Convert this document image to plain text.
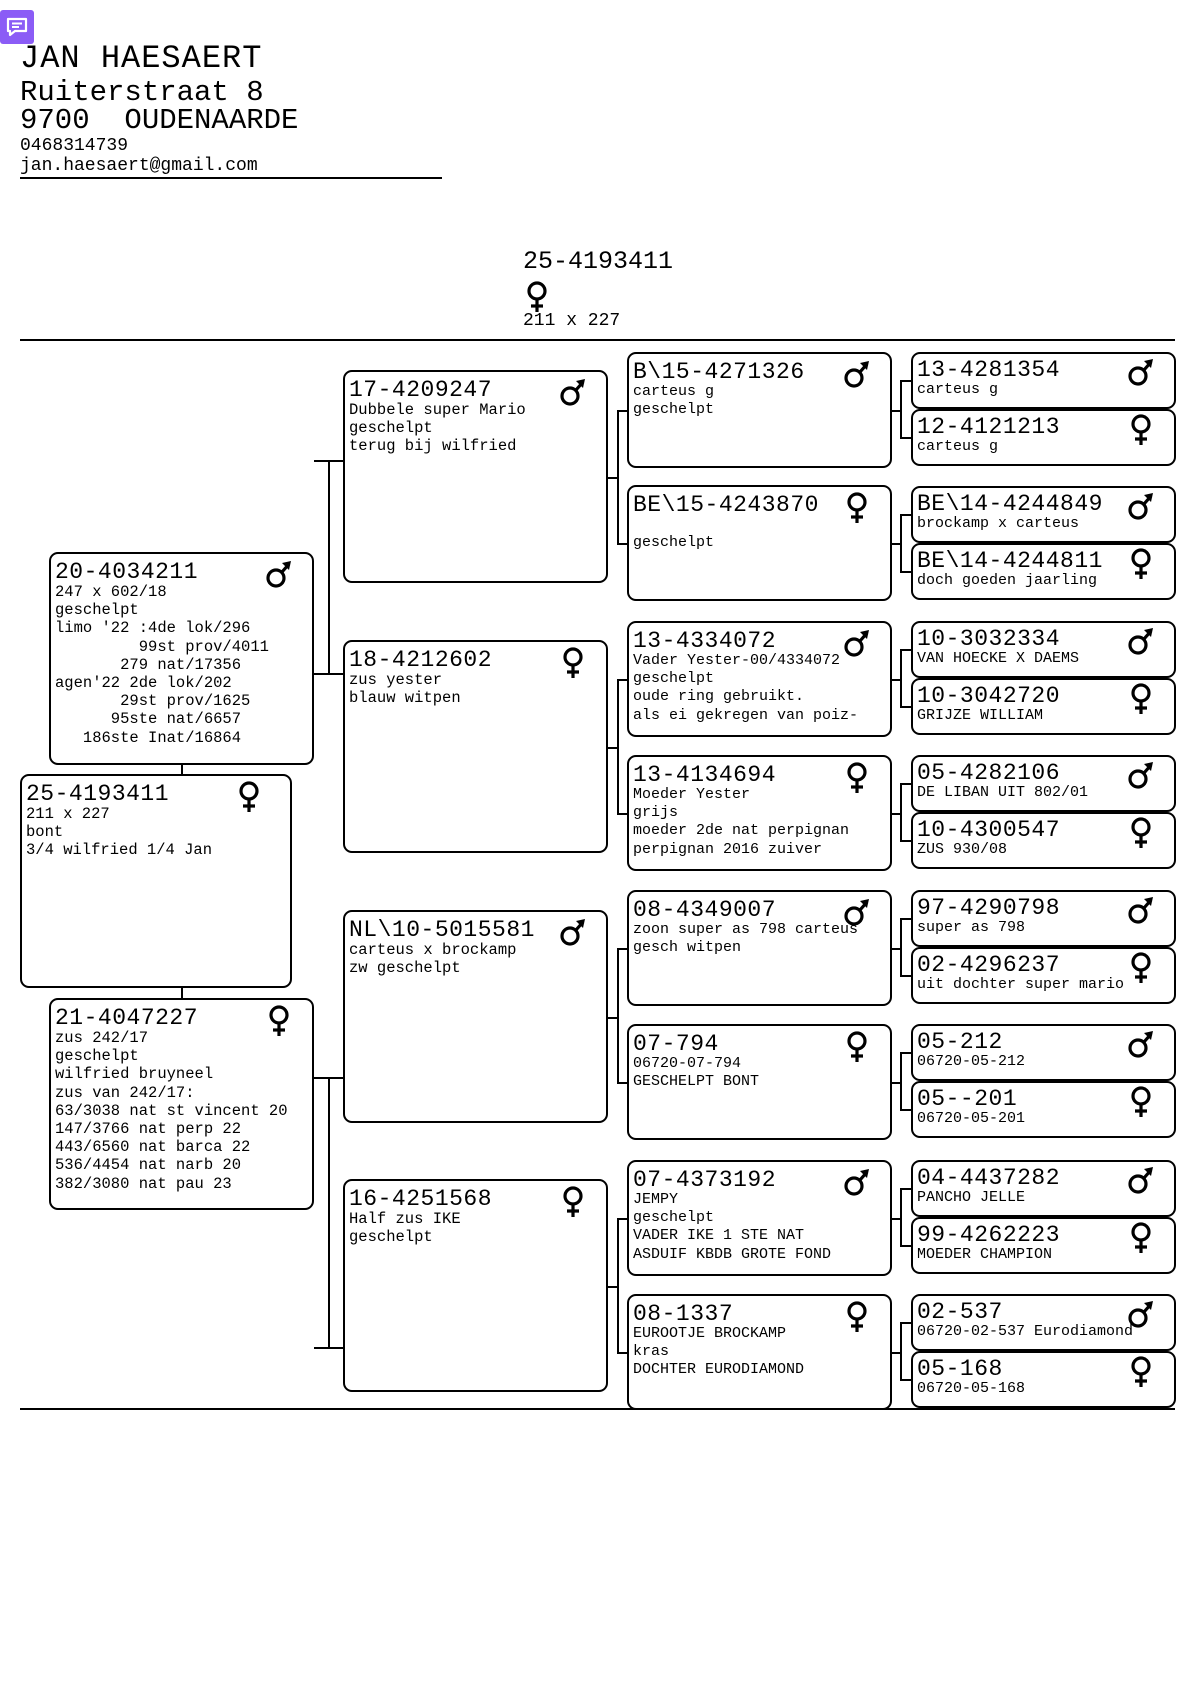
JAN HAESAERT
Ruiterstraat 8
9700  OUDENAARDE
0468314739
jan.haesaert@gmail.com
25-4193411
211 x 227
20-4034211
247 x 602/18
geschelpt
limo '22 :4de lok/296
99st prov/4011
279 nat/17356
agen'22 2de lok/202
29st prov/1625
95ste nat/6657
186ste Inat/16864
21-4047227
zus 242/17
geschelpt
wilfried bruyneel
zus van 242/17:
63/3038 nat st vincent 20
147/3766 nat perp 22
443/6560 nat barca 22
536/4454 nat narb 20
382/3080 nat pau 23
25-4193411
211 x 227
bont
3/4 wilfried 1/4 Jan
17-4209247
Dubbele super Mario
geschelpt
terug bij wilfried
18-4212602
zus yester
blauw witpen
NL\10-5015581
carteus x brockamp
zw geschelpt
16-4251568
Half zus IKE
geschelpt
B\15-4271326
carteus g
geschelpt
BE\15-4243870

geschelpt
13-4334072
Vader Yester-00/4334072
geschelpt
oude ring gebruikt.
als ei gekregen van poiz-
13-4134694
Moeder Yester
grijs
moeder 2de nat perpignan
perpignan 2016 zuiver
08-4349007
zoon super as 798 carteus
gesch witpen
07-794
06720-07-794
GESCHELPT BONT
07-4373192
JEMPY
geschelpt
VADER IKE 1 STE NAT
ASDUIF KBDB GROTE FOND
08-1337
EUROOTJE BROCKAMP
kras
DOCHTER EURODIAMOND
13-4281354
carteus g
12-4121213
carteus g
BE\14-4244849
brockamp x carteus
BE\14-4244811
doch goeden jaarling
10-3032334
VAN HOECKE X DAEMS
10-3042720
GRIJZE WILLIAM
05-4282106
DE LIBAN UIT 802/01
10-4300547
ZUS 930/08
97-4290798
super as 798
02-4296237
uit dochter super mario
05-212
06720-05-212
05--201
06720-05-201
04-4437282
PANCHO JELLE
99-4262223
MOEDER CHAMPION
02-537
06720-02-537 Eurodiamond
05-168
06720-05-168
